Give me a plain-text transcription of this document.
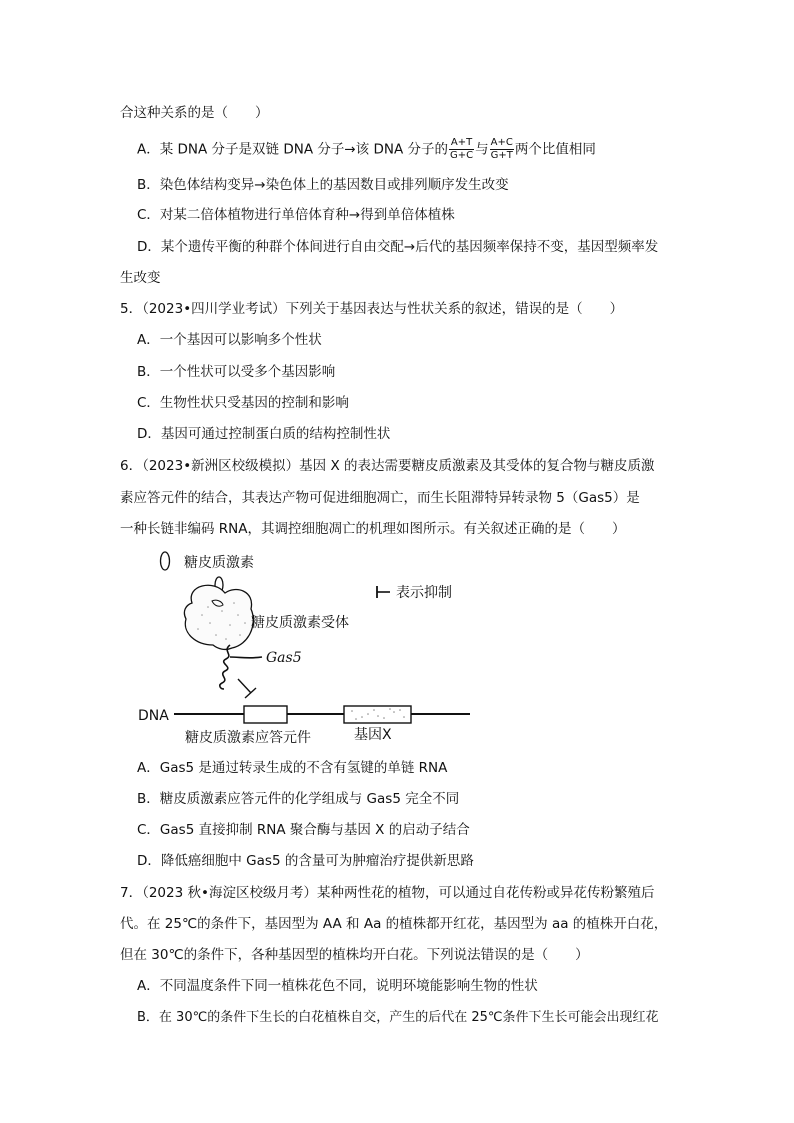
合这种关系的是（　　）
A．某 DNA 分子是双链 DNA 分子→该 DNA 分子的 $\frac{A+T}{G+C}$ 与 $\frac{A+C}{G+T}$ 两个比值相同
B．染色体结构变异→染色体上的基因数目或排列顺序发生改变
C．对某二倍体植物进行单倍体育种→得到单倍体植株
D．某个遗传平衡的种群个体间进行自由交配→后代的基因频率保持不变，基因型频率发
生改变
5．（2023•四川学业考试）下列关于基因表达与性状关系的叙述，错误的是（　　）
A．一个基因可以影响多个性状
B．一个性状可以受多个基因影响
C．生物性状只受基因的控制和影响
D．基因可通过控制蛋白质的结构控制性状
6．（2023•新洲区校级模拟）基因 X 的表达需要糖皮质激素及其受体的复合物与糖皮质激
素应答元件的结合，其表达产物可促进细胞凋亡，而生长阻滞特异转录物 5（Gas5）是
一种长链非编码 RNA，其调控细胞凋亡的机理如图所示。有关叙述正确的是（　　）
糖皮质激素
糖皮质激素受体
Gas5
表示抑制
DNA
糖皮质激素应答元件	基因X
A．Gas5 是通过转录生成的不含有氢键的单链 RNA
B．糖皮质激素应答元件的化学组成与 Gas5 完全不同
C．Gas5 直接抑制 RNA 聚合酶与基因 X 的启动子结合
D．降低癌细胞中 Gas5 的含量可为肿瘤治疗提供新思路
7．（2023 秋•海淀区校级月考）某种两性花的植物，可以通过自花传粉或异花传粉繁殖后
代。在 25℃的条件下，基因型为 AA 和 Aa 的植株都开红花，基因型为 aa 的植株开白花，
但在 30℃的条件下，各种基因型的植株均开白花。下列说法错误的是（　　）
A．不同温度条件下同一植株花色不同，说明环境能影响生物的性状
B．在 30℃的条件下生长的白花植株自交，产生的后代在 25℃条件下生长可能会出现红花
